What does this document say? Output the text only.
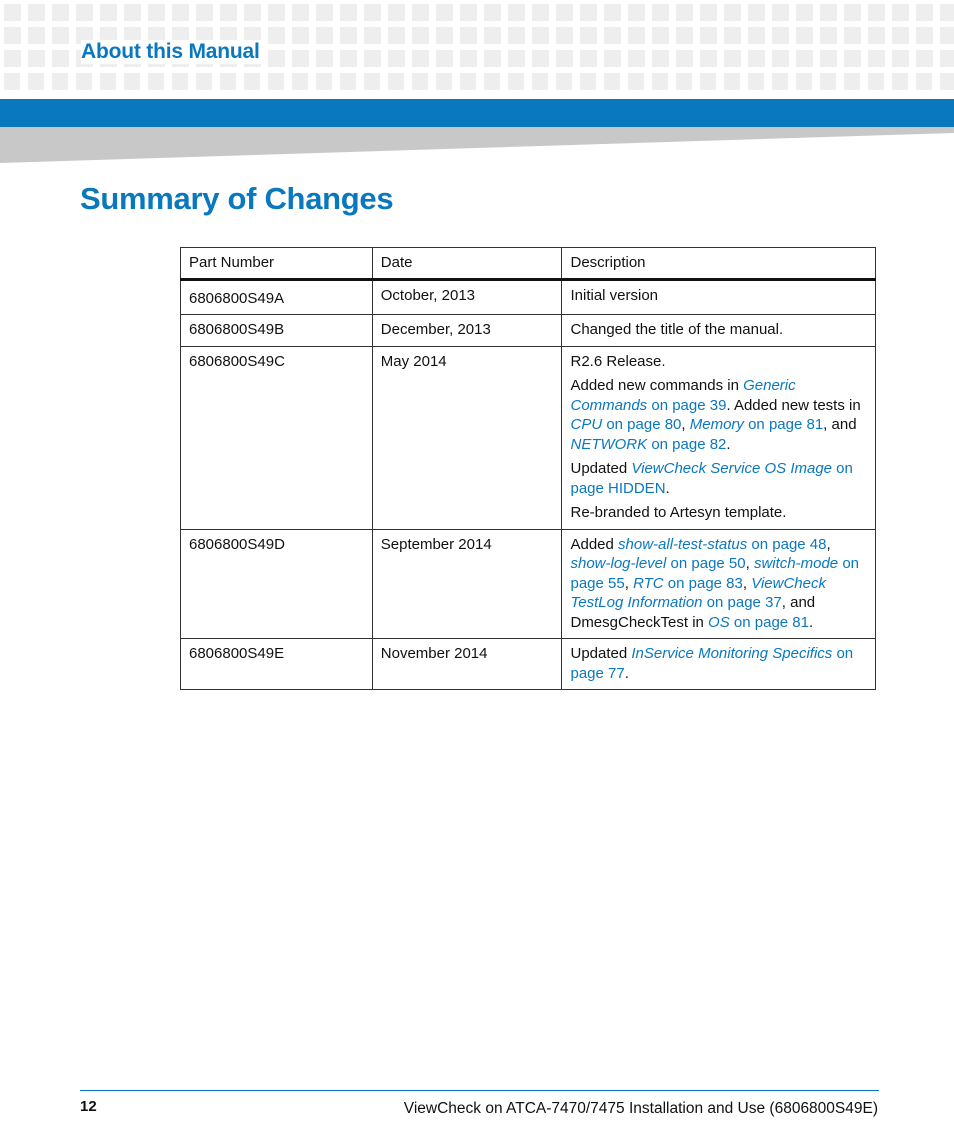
About this Manual
Summary of Changes
Part Number	Date	Description
6806800S49A	October, 2013	Initial version

6806800S49B	December, 2013	Changed the title of the manual.

6806800S49C	May 2014	R2.6 Release.

Added new commands in Generic Commands on page 39. Added new tests in CPU on page 80, Memory on page 81, and NETWORK on page 82.

Updated ViewCheck Service OS Image on page HIDDEN.

Re-branded to Artesyn template.

6806800S49D	September 2014	Added show-all-test-status on page 48, show-log-level on page 50, switch-mode on page 55, RTC on page 83, ViewCheck TestLog Information on page 37, and DmesgCheckTest in OS on page 81.

6806800S49E	November 2014	Updated InService Monitoring Specifics on page 77.

12	ViewCheck on ATCA-7470/7475 Installation and Use (6806800S49E)
